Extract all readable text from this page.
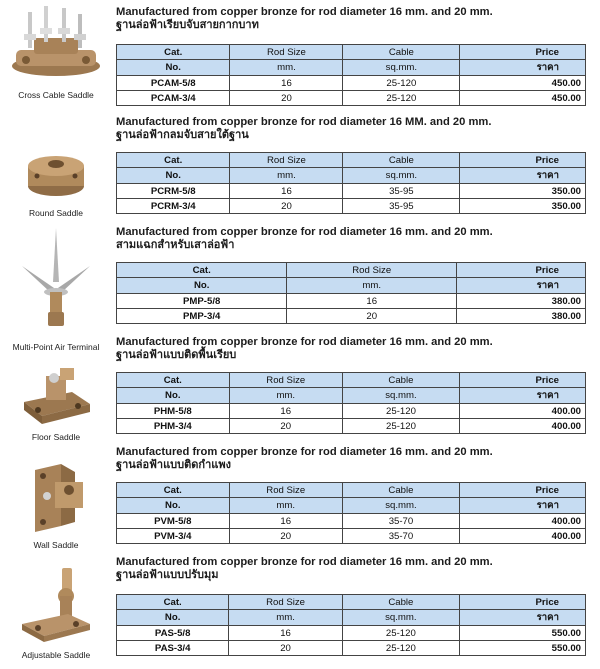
Cross Cable Saddle
Manufactured from copper bronze for rod diameter 16 mm. and 20 mm.
ฐานล่อฟ้าเรียบจับสายกากบาท
Cat.	Rod Size	Cable	Price
No.	mm.	sq.mm.	ราคา
PCAM-5/8	16	25-120	450.00
PCAM-3/4	20	25-120	450.00
Round Saddle
Manufactured from copper bronze for rod diameter 16 MM. and 20 mm.
ฐานล่อฟ้ากลมจับสายใต้ฐาน
Cat.	Rod Size	Cable	Price
No.	mm.	sq.mm.	ราคา
PCRM-5/8	16	35-95	350.00
PCRM-3/4	20	35-95	350.00
Multi-Point Air Terminal
Manufactured from copper bronze for rod diameter 16 mm. and 20 mm.
สามแฉกสำหรับเสาล่อฟ้า
Cat.	Rod Size	Price
No.	mm.	ราคา
PMP-5/8	16	380.00
PMP-3/4	20	380.00
Floor Saddle
Manufactured from copper bronze for rod diameter 16 mm. and 20 mm.
ฐานล่อฟ้าแบบติดพื้นเรียบ
Cat.	Rod Size	Cable	Price
No.	mm.	sq.mm.	ราคา
PHM-5/8	16	25-120	400.00
PHM-3/4	20	25-120	400.00
Wall Saddle
Manufactured from copper bronze for rod diameter 16 mm. and 20 mm.
ฐานล่อฟ้าแบบติดกำแพง
Cat.	Rod Size	Cable	Price
No.	mm.	sq.mm.	ราคา
PVM-5/8	16	35-70	400.00
PVM-3/4	20	35-70	400.00
Adjustable Saddle
Manufactured from copper bronze for rod diameter 16 mm. and 20 mm.
ฐานล่อฟ้าแบบปรับมุม
Cat.	Rod Size	Cable	Price
No.	mm.	sq.mm.	ราคา
PAS-5/8	16	25-120	550.00
PAS-3/4	20	25-120	550.00
